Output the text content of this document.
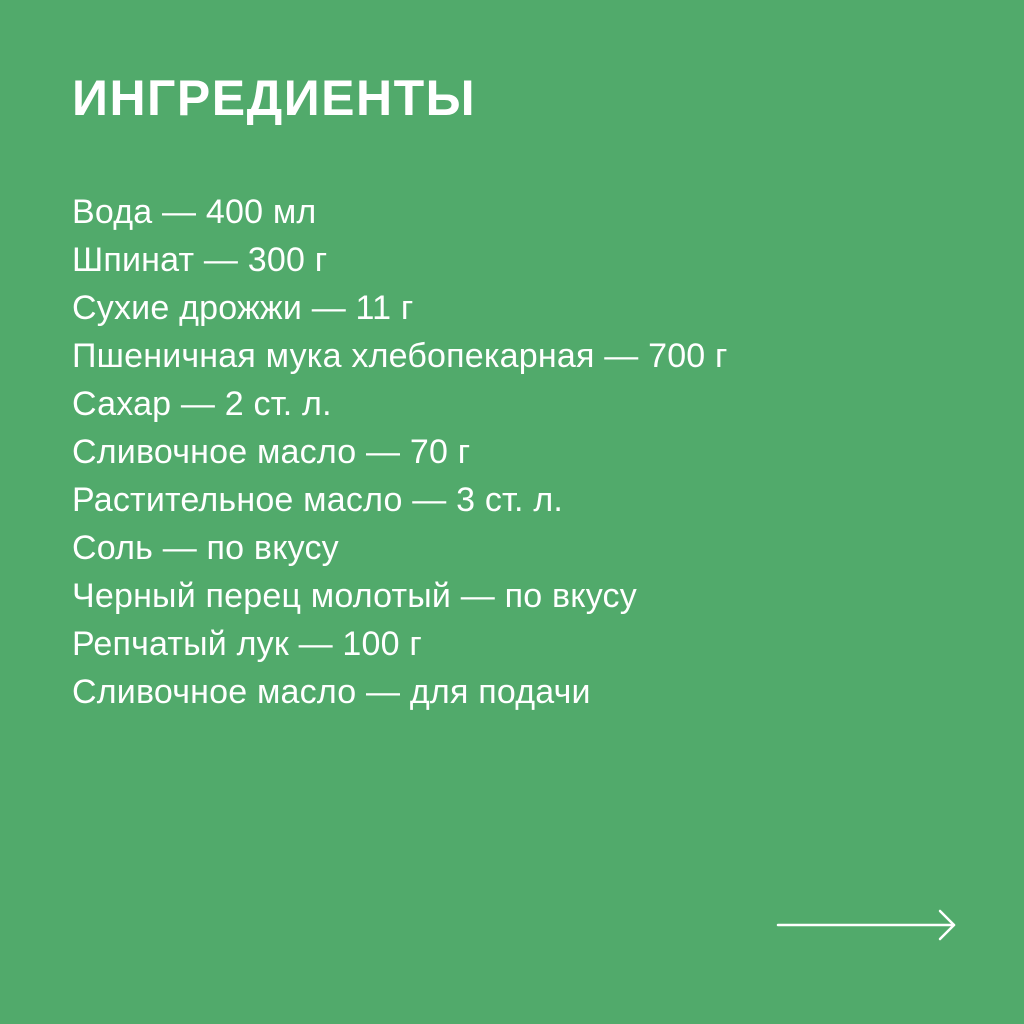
ИНГРЕДИЕНТЫ
Вода — 400 мл
Шпинат — 300 г
Сухие дрожжи — 11 г
Пшеничная мука хлебопекарная — 700 г
Сахар — 2 ст. л.
Сливочное масло — 70 г
Растительное масло — 3 ст. л.
Соль — по вкусу
Черный перец молотый — по вкусу
Репчатый лук — 100 г
Сливочное масло — для подачи
